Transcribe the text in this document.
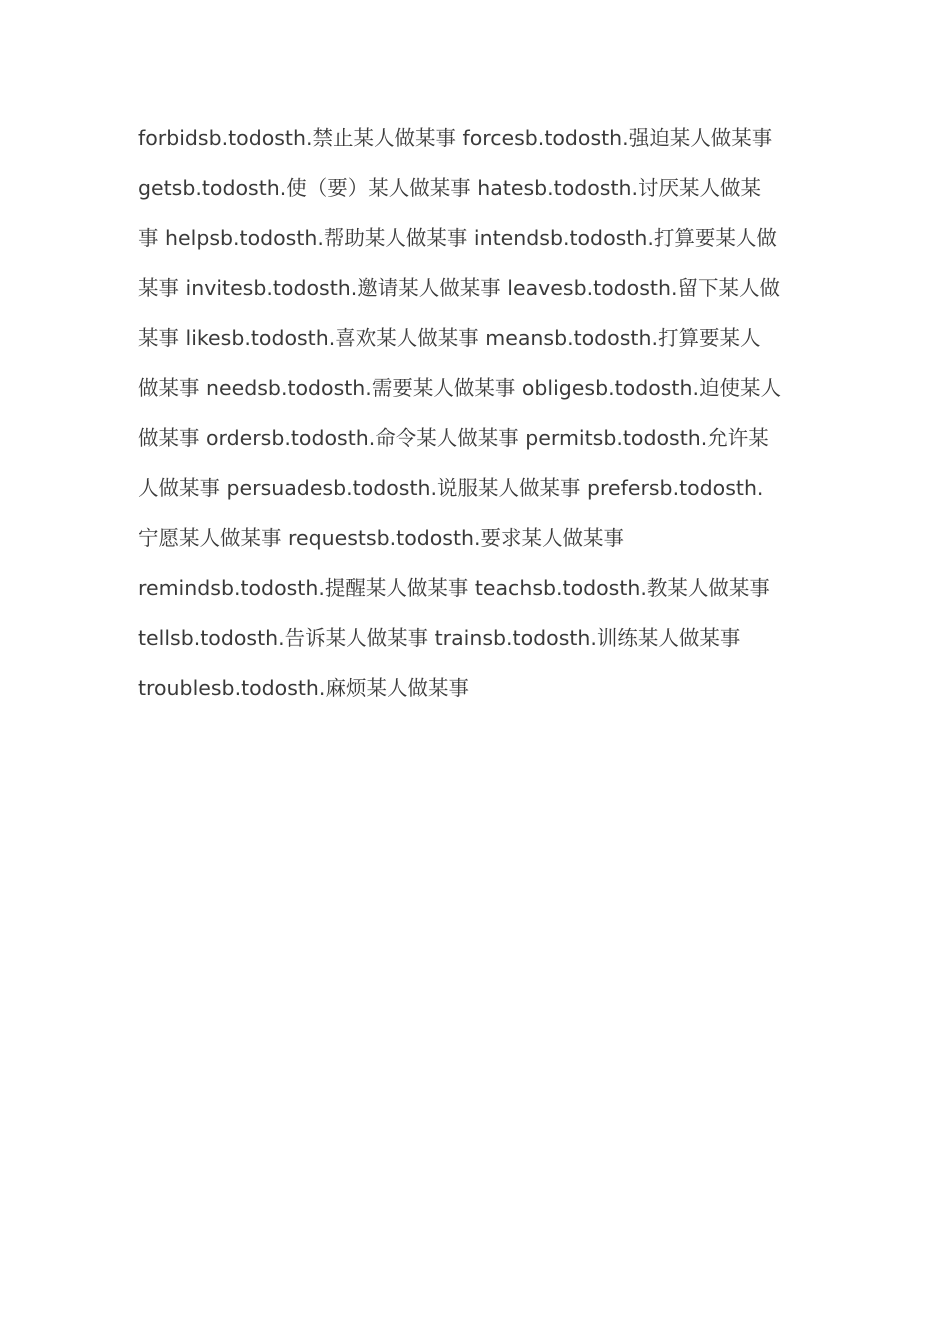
forbidsb.todosth.禁止某人做某事 forcesb.todosth.强迫某人做某事
getsb.todosth.使（要）某人做某事 hatesb.todosth.讨厌某人做某
事 helpsb.todosth.帮助某人做某事 intendsb.todosth.打算要某人做
某事 invitesb.todosth.邀请某人做某事 leavesb.todosth.留下某人做
某事 likesb.todosth.喜欢某人做某事 meansb.todosth.打算要某人
做某事 needsb.todosth.需要某人做某事 obligesb.todosth.迫使某人
做某事 ordersb.todosth.命令某人做某事 permitsb.todosth.允许某
人做某事 persuadesb.todosth.说服某人做某事 prefersb.todosth.
宁愿某人做某事 requestsb.todosth.要求某人做某事
remindsb.todosth.提醒某人做某事 teachsb.todosth.教某人做某事
tellsb.todosth.告诉某人做某事 trainsb.todosth.训练某人做某事
troublesb.todosth.麻烦某人做某事
